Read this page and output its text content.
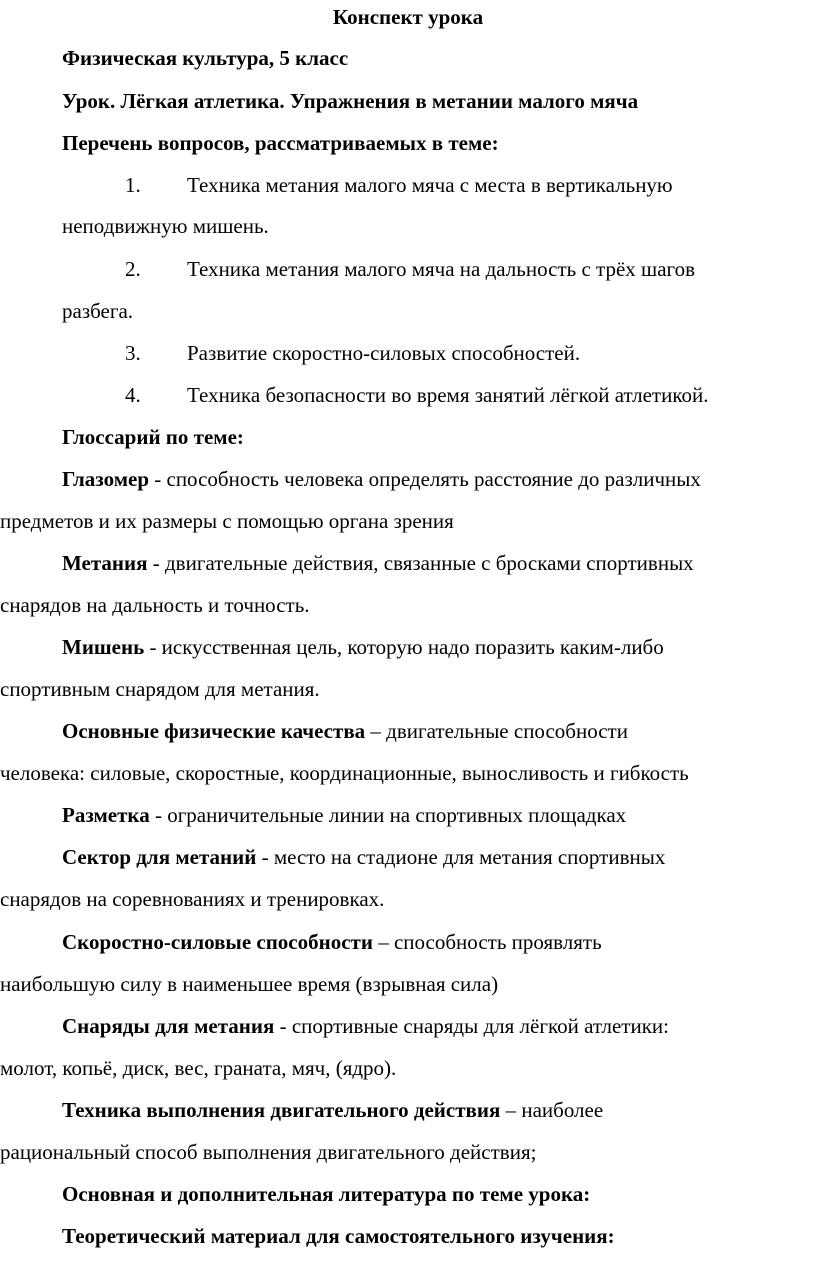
Конспект урока
Физическая культура, 5 класс
Урок. Лёгкая атлетика. Упражнения в метании малого мяча
Перечень вопросов, рассматриваемых в теме:
1. Техника метания малого мяча с места в вертикальную
неподвижную мишень.
2. Техника метания малого мяча на дальность с трёх шагов
разбега.
3. Развитие скоростно-силовых способностей.
4. Техника безопасности во время занятий лёгкой атлетикой.
Глоссарий по теме:
Глазомер - способность человека определять расстояние до различных
предметов и их размеры с помощью органа зрения
Метания - двигательные действия, связанные с бросками спортивных
снарядов на дальность и точность.
Мишень - искусственная цель, которую надо поразить каким-либо
спортивным снарядом для метания.
Основные физические качества – двигательные способности
человека: силовые, скоростные, координационные, выносливость и гибкость
Разметка - ограничительные линии на спортивных площадках
Сектор для метаний - место на стадионе для метания спортивных
снарядов на соревнованиях и тренировках.
Скоростно-силовые способности – способность проявлять
наибольшую силу в наименьшее время (взрывная сила)
Снаряды для метания - спортивные снаряды для лёгкой атлетики:
молот, копьё, диск, вес, граната, мяч, (ядро).
Техника выполнения двигательного действия – наиболее
рациональный способ выполнения двигательного действия;
Основная и дополнительная литература по теме урока:
Теоретический материал для самостоятельного изучения:
